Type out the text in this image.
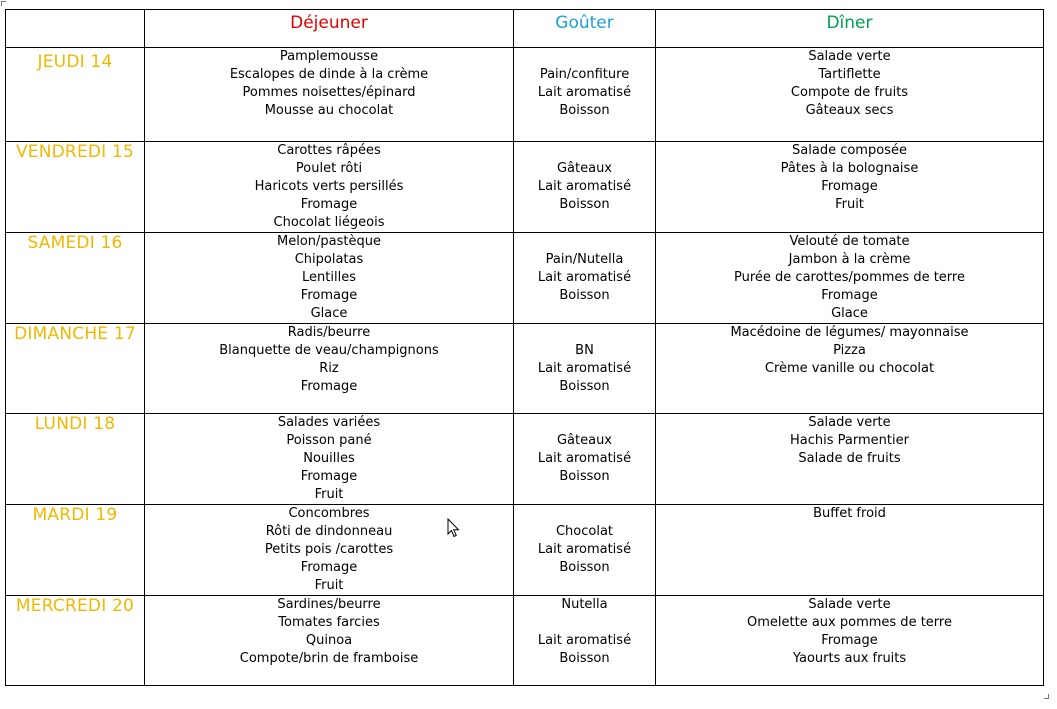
	Déjeuner	Goûter	Dîner
JEUDI 14	Pamplemousse
Escalopes de dinde à la crème
Pommes noisettes/épinard
Mousse au chocolat	Pain/confiture
Lait aromatisé
Boisson	Salade verte
Tartiflette
Compote de fruits
Gâteaux secs

VENDREDI 15	Carottes râpées
Poulet rôti
Haricots verts persillés
Fromage
Chocolat liégeois	Gâteaux
Lait aromatisé
Boisson	Salade composée
Pâtes à la bolognaise
Fromage
Fruit

SAMEDI 16	Melon/pastèque
Chipolatas
Lentilles
Fromage
Glace	Pain/Nutella
Lait aromatisé
Boisson	Velouté de tomate
Jambon à la crème
Purée de carottes/pommes de terre
Fromage
Glace

DIMANCHE 17	Radis/beurre
Blanquette de veau/champignons
Riz
Fromage	BN
Lait aromatisé
Boisson	Macédoine de légumes/ mayonnaise
Pizza
Crème vanille ou chocolat

LUNDI 18	Salades variées
Poisson pané
Nouilles
Fromage
Fruit	Gâteaux
Lait aromatisé
Boisson	Salade verte
Hachis Parmentier
Salade de fruits

MARDI 19	Concombres
Rôti de dindonneau
Petits pois /carottes
Fromage
Fruit	Chocolat
Lait aromatisé
Boisson	Buffet froid

MERCREDI 20	Sardines/beurre
Tomates farcies
Quinoa
Compote/brin de framboise	Nutella

Lait aromatisé
Boisson	Salade verte
Omelette aux pommes de terre
Fromage
Yaourts aux fruits
